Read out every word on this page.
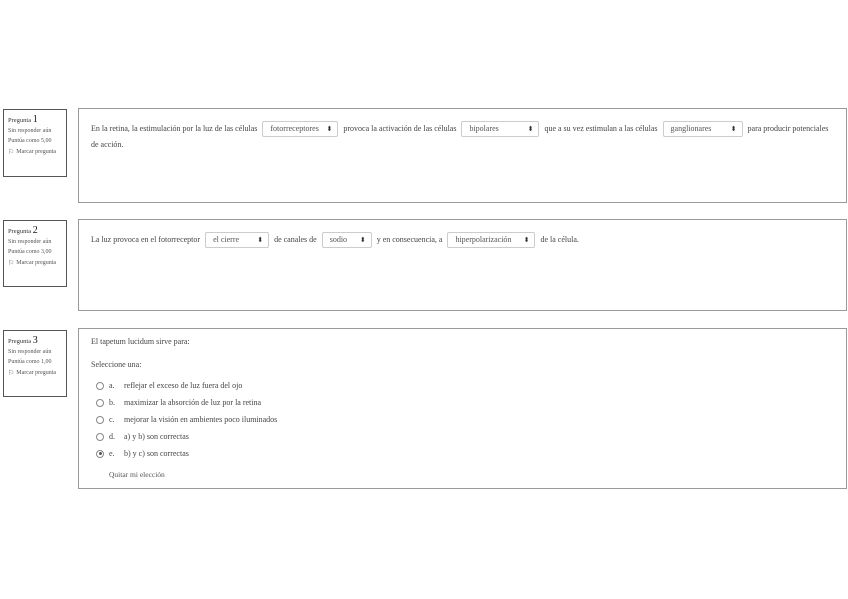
Pregunta 1
Sin responder aún
Puntúa como 5,00
⚐ Marcar pregunta
En la retina, la estimulación por la luz de las células fotorreceptores ⬍ provoca la activación de las células bipolares	⬍ que a su vez estimulan a las células ganglionares	⬍ para producir potenciales de acción.
Pregunta 2
Sin responder aún
Puntúa como 3,00
⚐ Marcar pregunta
La luz provoca en el fotorreceptor el cierre	⬍ de canales de sodio ⬍ y en consecuencia, a hiperpolarización ⬍ de la célula.
Pregunta 3
Sin responder aún
Puntúa como 1,00
⚐ Marcar pregunta
El tapetum lucidum sirve para:
Seleccione una:
a.	reflejar el exceso de luz fuera del ojo
b.	maximizar la absorción de luz por la retina
c.	mejorar la visión en ambientes poco iluminados
d.	a) y b) son correctas
e.	b) y c) son correctas
Quitar mi elección
